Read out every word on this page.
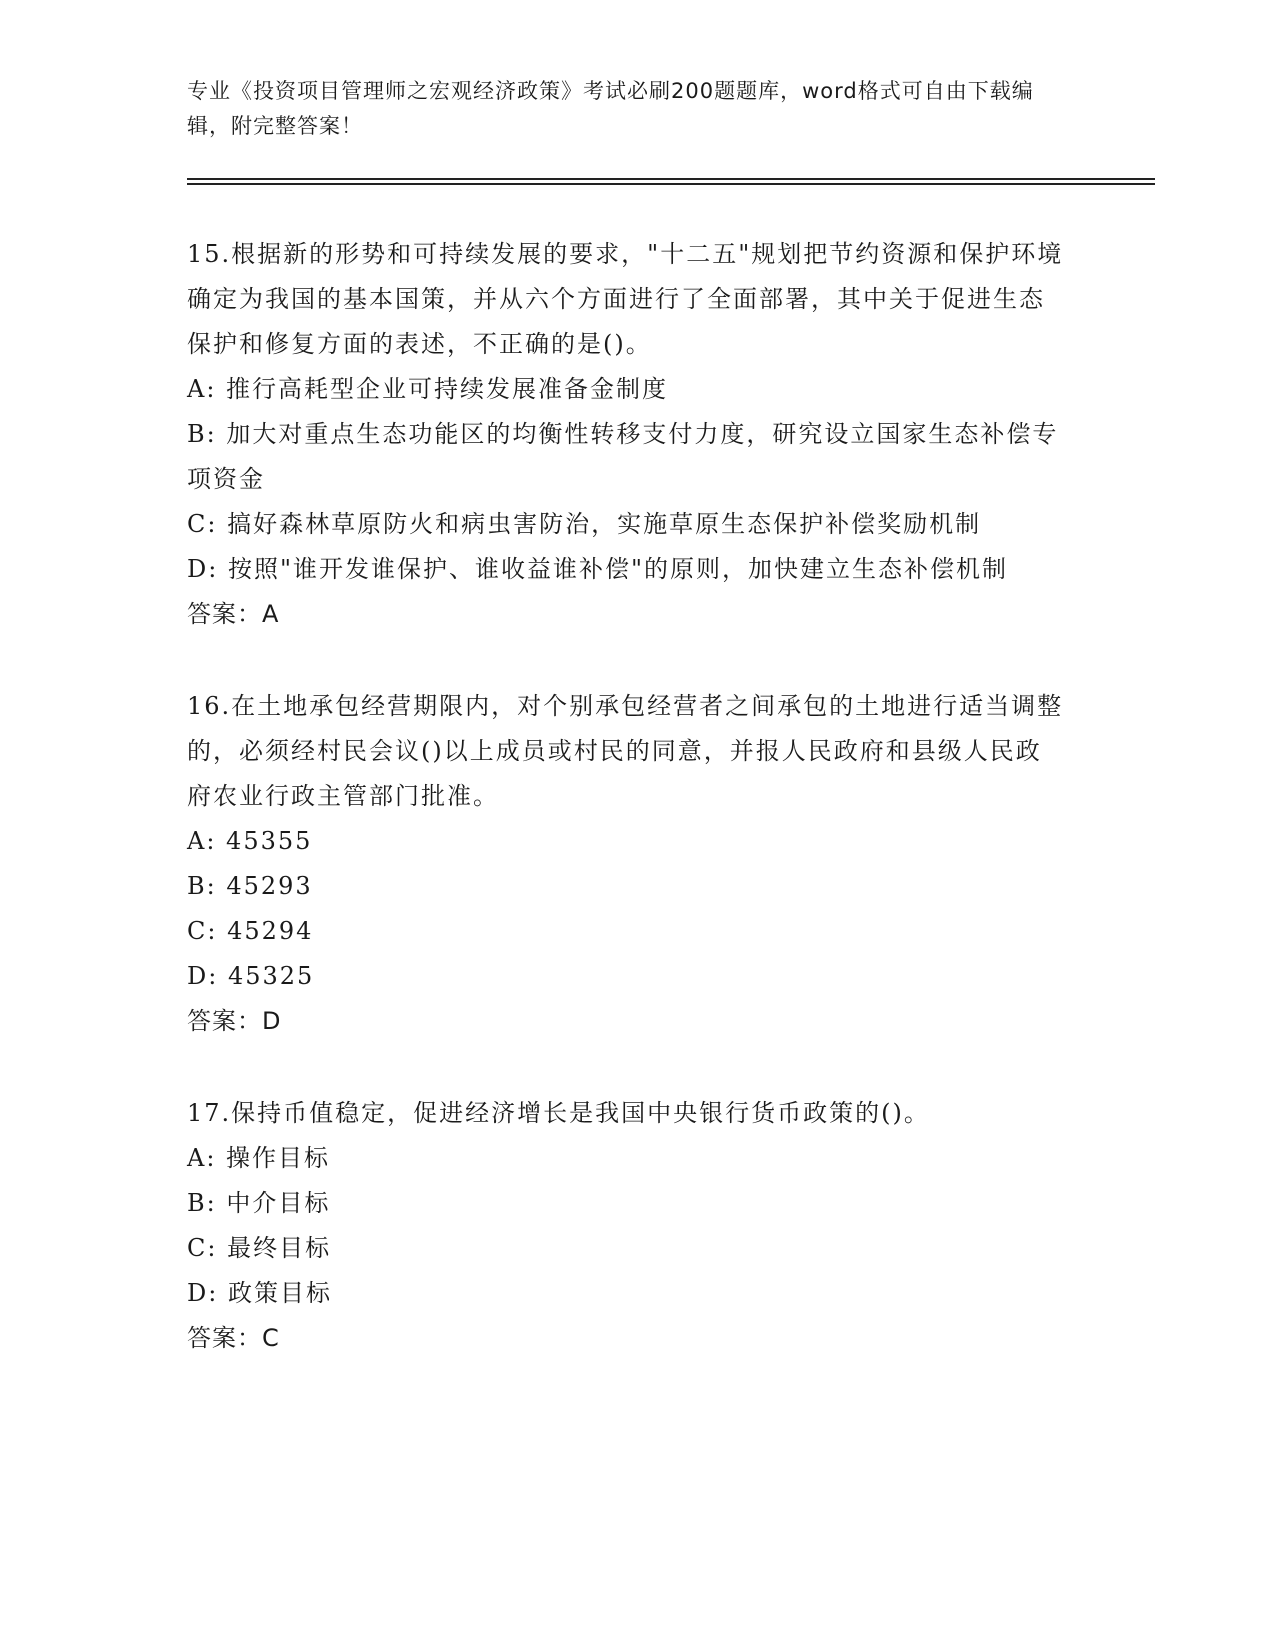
专业《投资项目管理师之宏观经济政策》考试必刷200题题库，word格式可自由下载编辑，附完整答案！

15.根据新的形势和可持续发展的要求，"十二五"规划把节约资源和保护环境确定为我国的基本国策，并从六个方面进行了全面部署，其中关于促进生态保护和修复方面的表述，不正确的是()。

A: 推行高耗型企业可持续发展准备金制度

B: 加大对重点生态功能区的均衡性转移支付力度，研究设立国家生态补偿专项资金

C: 搞好森林草原防火和病虫害防治，实施草原生态保护补偿奖励机制

D: 按照"谁开发谁保护、谁收益谁补偿"的原则，加快建立生态补偿机制

答案：A

16.在土地承包经营期限内，对个别承包经营者之间承包的土地进行适当调整的，必须经村民会议()以上成员或村民的同意，并报人民政府和县级人民政府农业行政主管部门批准。

A: 45355

B: 45293

C: 45294

D: 45325

答案：D

17.保持币值稳定，促进经济增长是我国中央银行货币政策的()。

A: 操作目标

B: 中介目标

C: 最终目标

D: 政策目标

答案：C
